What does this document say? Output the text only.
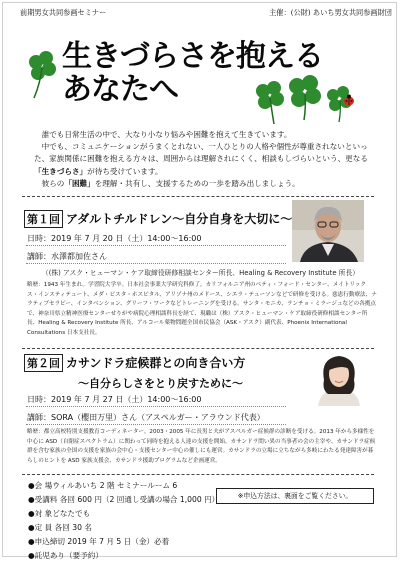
前期男女共同参画セミナー	主催：(公財) あいち男女共同参画財団
生きづらさを抱える
あなたへ

　誰でも日常生活の中で、大なり小なり悩みや困難を抱えて生きています。

　中でも、コミュニケーションがうまくとれない、一人ひとりの人格や個性が尊重されないといった、家族関係に困難を抱える方々は、周囲からは理解されにくく、相談もしづらいという、更なる「生きづらさ」が待ち受けています。

　彼らの「困難」を理解・共有し、支援するための一歩を踏み出しましょう。

第１回 アダルトチルドレン～自分自身を大切に～
日時：2019 年 7 月 20 日（土）14:00～16:00
講師：水澤都加佐さん
（(株) アスク・ヒューマン・ケア取締役研修相談センター所長、Healing & Recovery Institute 所長）
略歴：1943 年生まれ。学習院大学卒。日本社会事業大学研究科修了。カリフォルニア州のベティ・フォード・センター、メイトリックス・インスティテュート、メダ・ビスタ・ホスピタル、アリゾナ州のメドース、シエラ・テューソンなどで研修を受ける。慈恵行動療法、ナラティブセラピー、インタベンション、グリーフ・ワークなどトレーニングを受ける。サンタ・モニカ、ランチョ・ミラージュなどの各拠点で、神奈川県立精神医療センターせりがや病院心理相談科長を経て、現職は（株）アスク・ヒューマン・ケア取締役研修相談センター所長、Healing & Recovery Institute 所長、アルコール薬物問題全国市民協会（ASK・アスク）副代表、Phoenix International Consultations 日本支社長。
第２回 カサンドラ症候群との向き合い方
～自分らしさをとり戻すために～
日時：2019 年 7 月 27 日（土）14:00～16:00
講師：SORA（櫻田万里）さん（アスペルガー・アラウンド代表）
略歴：都立高校特別支援教育コーディネーター。2003・2005 年に長男と夫がアスペルガー症候群の診断を受ける。2013 年から多様性を中心に ASD（自閉症スペクトラム）に関わって同時を抱える人達の支援を開始。カサンドラ問い異の当事者の会の主宰や、カサンドラ症候群を含む家族の全国の支援を家族の会中心・支援センター中心の催しにも運営。カサンドラの立場に立ちながら多岐にわたる発達障害が暮らしのヒントを ASD 家族支援会、カサンドラ援助プログラムなど企画運営。
●会 場ウィルあいち 2 階 セミナールーム 6
●受講料 各回 600 円（2 回通し受講の場合 1,000 円）
●対 象どなたでも
●定 員 各回 30 名
●申込締切 2019 年 7 月 5 日（金）必着
●託児あり（要予約）
※申込方法は、裏面をご覧ください。
